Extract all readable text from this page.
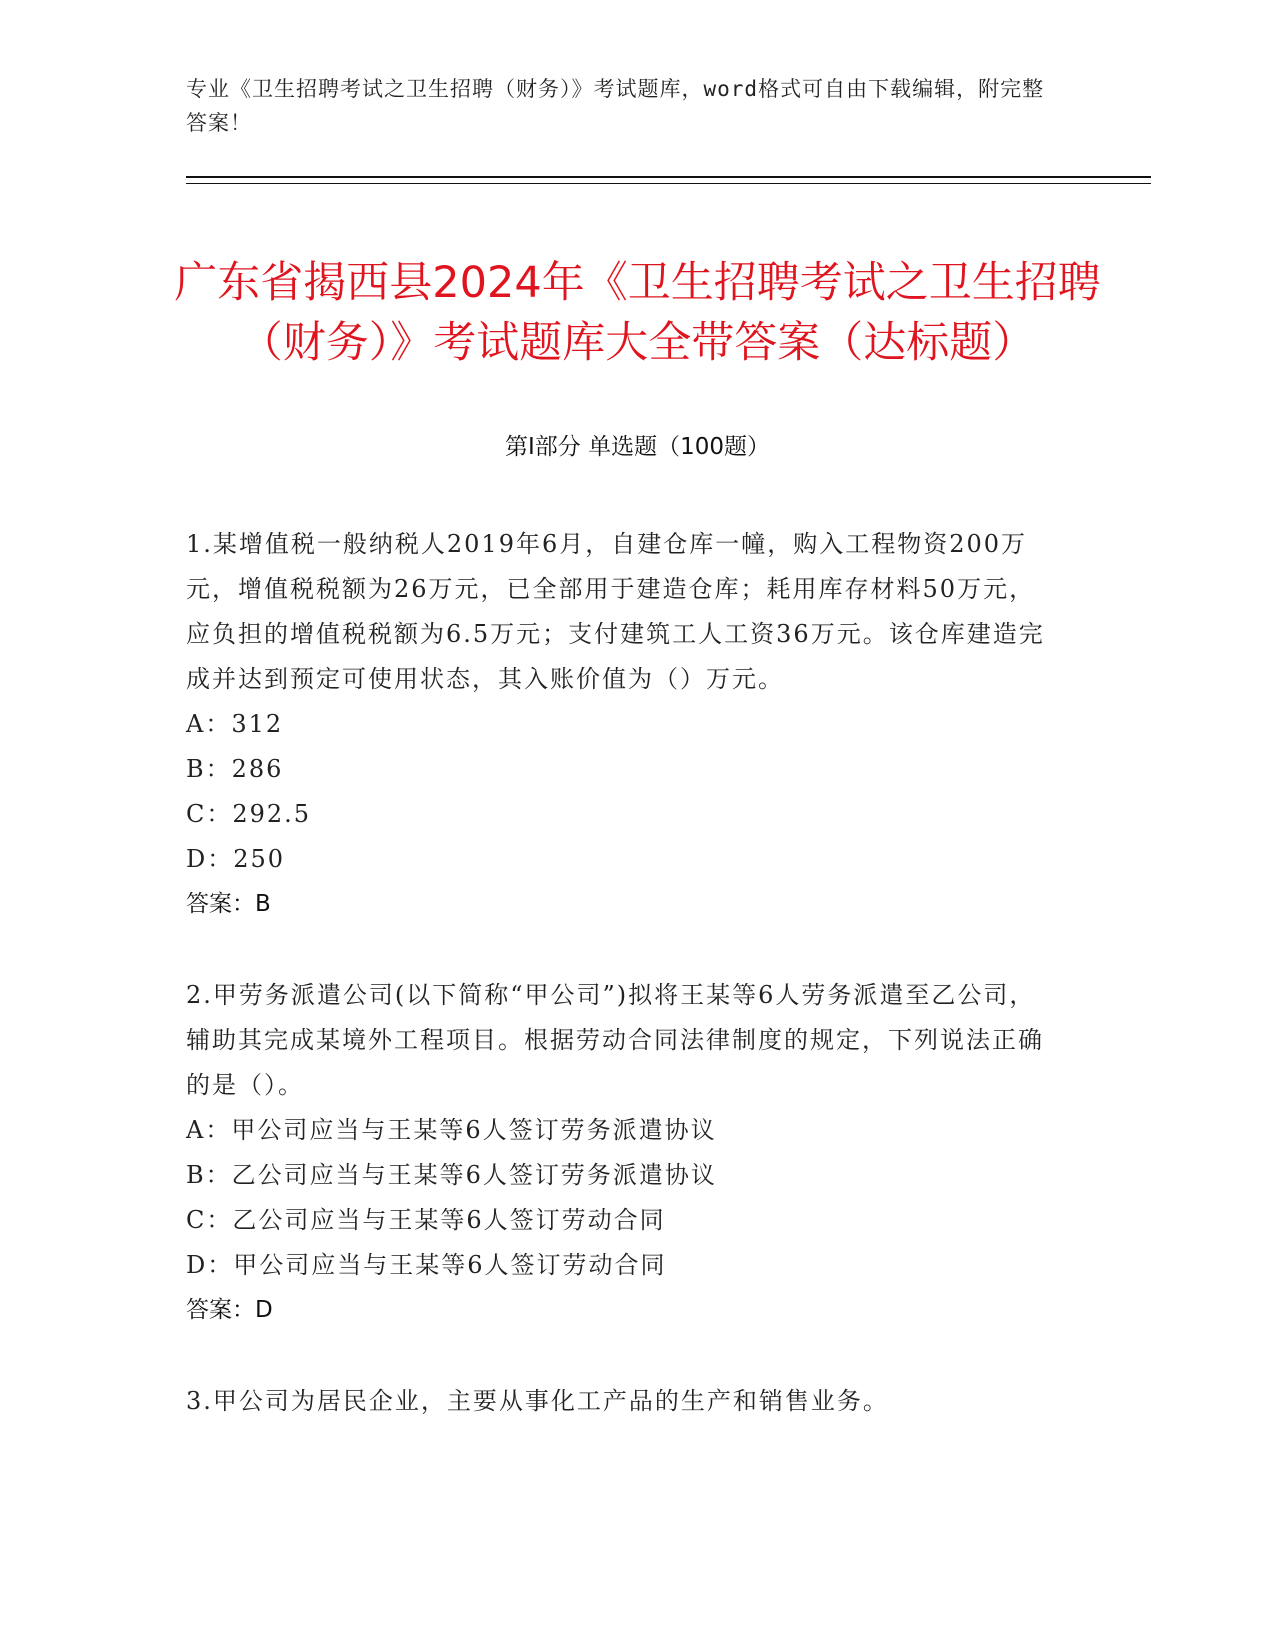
专业《卫生招聘考试之卫生招聘（财务）》考试题库，word格式可自由下载编辑，附完整答案！
广东省揭西县2024年《卫生招聘考试之卫生招聘（财务）》考试题库大全带答案（达标题）
第I部分 单选题（100题）

1.某增值税一般纳税人2019年6月，自建仓库一幢，购入工程物资200万元，增值税税额为26万元，已全部用于建造仓库；耗用库存材料50万元，应负担的增值税税额为6.5万元；支付建筑工人工资36万元。该仓库建造完成并达到预定可使用状态，其入账价值为（）万元。

A：312

B：286

C：292.5

D：250

答案：B

2.甲劳务派遣公司(以下简称“甲公司”)拟将王某等6人劳务派遣至乙公司，辅助其完成某境外工程项目。根据劳动合同法律制度的规定，下列说法正确的是（）。

A：甲公司应当与王某等6人签订劳务派遣协议

B：乙公司应当与王某等6人签订劳务派遣协议

C：乙公司应当与王某等6人签订劳动合同

D：甲公司应当与王某等6人签订劳动合同

答案：D

3.甲公司为居民企业，主要从事化工产品的生产和销售业务。
